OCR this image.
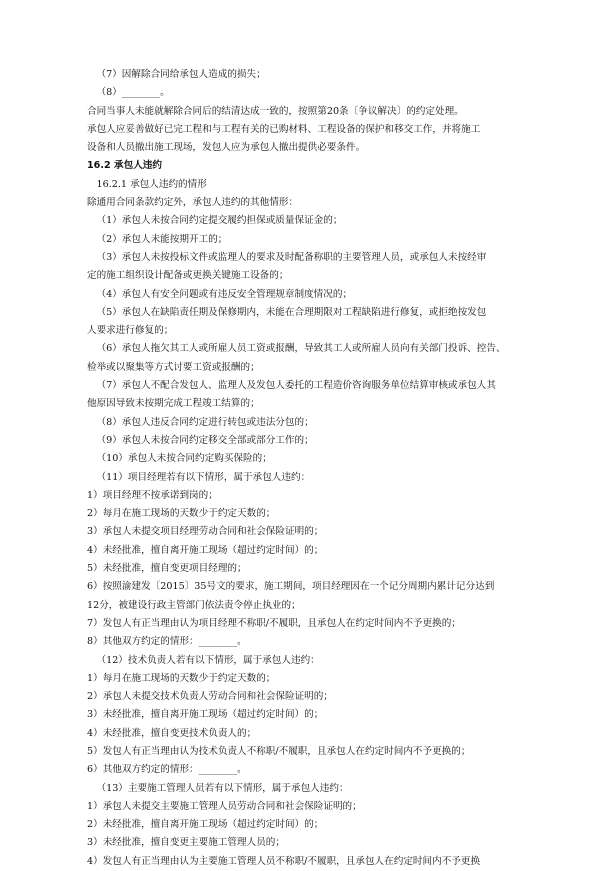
（7）因解除合同给承包人造成的损失；
（8）________。
合同当事人未能就解除合同后的结清达成一致的，按照第20条〔争议解决〕的约定处理。
承包人应妥善做好已完工程和与工程有关的已购材料、工程设备的保护和移交工作，并将施工
设备和人员撤出施工现场，发包人应为承包人撤出提供必要条件。
16.2 承包人违约
16.2.1 承包人违约的情形
除通用合同条款约定外，承包人违约的其他情形：
（1）承包人未按合同约定提交履约担保或质量保证金的；
（2）承包人未能按期开工的；
（3）承包人未按投标文件或监理人的要求及时配备称职的主要管理人员，或承包人未按经审
定的施工组织设计配备或更换关键施工设备的；
（4）承包人有安全问题或有违反安全管理规章制度情况的；
（5）承包人在缺陷责任期及保修期内，未能在合理期限对工程缺陷进行修复，或拒绝按发包
人要求进行修复的；
（6）承包人拖欠其工人或所雇人员工资或报酬，导致其工人或所雇人员向有关部门投诉、控告、
检举或以聚集等方式讨要工资或报酬的；
（7）承包人不配合发包人、监理人及发包人委托的工程造价咨询服务单位结算审核或承包人其
他原因导致未按期完成工程竣工结算的；
（8）承包人违反合同约定进行转包或违法分包的；
（9）承包人未按合同约定移交全部或部分工作的；
（10）承包人未按合同约定购买保险的；
（11）项目经理若有以下情形，属于承包人违约：
1）项目经理不按承诺到岗的；
2）每月在施工现场的天数少于约定天数的；
3）承包人未提交项目经理劳动合同和社会保险证明的；
4）未经批准，擅自离开施工现场（超过约定时间）的；
5）未经批准，擅自变更项目经理的；
6）按照渝建发〔2015〕35号文的要求，施工期间，项目经理因在一个记分周期内累计记分达到
12分，被建设行政主管部门依法责令停止执业的；
7）发包人有正当理由认为项目经理不称职/不履职，且承包人在约定时间内不予更换的；
8）其他双方约定的情形：________。
（12）技术负责人若有以下情形，属于承包人违约：
1）每月在施工现场的天数少于约定天数的；
2）承包人未提交技术负责人劳动合同和社会保险证明的；
3）未经批准，擅自离开施工现场（超过约定时间）的；
4）未经批准，擅自变更技术负责人的；
5）发包人有正当理由认为技术负责人不称职/不履职，且承包人在约定时间内不予更换的；
6）其他双方约定的情形：________。
（13）主要施工管理人员若有以下情形，属于承包人违约：
1）承包人未提交主要施工管理人员劳动合同和社会保险证明的；
2）未经批准，擅自离开施工现场（超过约定时间）的；
3）未经批准，擅自变更主要施工管理人员的；
4）发包人有正当理由认为主要施工管理人员不称职/不履职，且承包人在约定时间内不予更换
